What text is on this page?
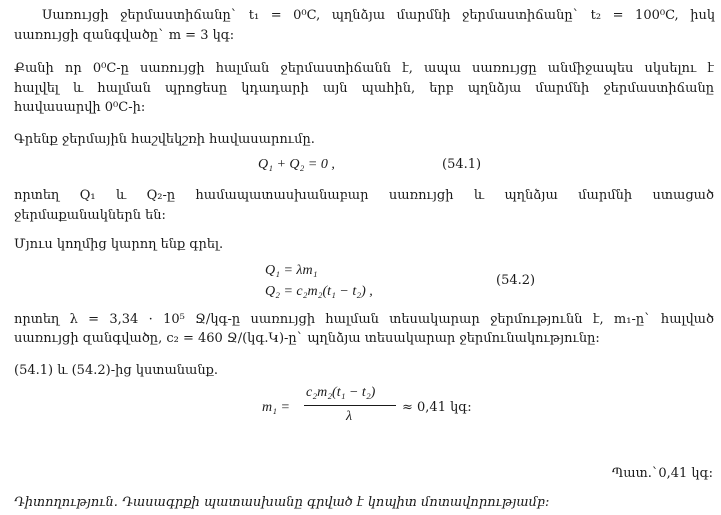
Սառույցի ջերմաստիճանը` t₁ = 0⁰C, պղնձյա մարմնի ջերմաստիճանը` t₂ = 100⁰C, իսկ
սառույցի զանգվածը` m = 3 կգ:
Քանի որ 0⁰C-ը սառույցի հալման ջերմաստիճանն է, ապա սառույցը անմիջապես սկսելու է
հալվել և հալման պրոցեսը կդադարի այն պահին, երբ պղնձյա մարմնի ջերմաստիճանը
հավասարվի 0⁰C-ի:
Գրենք ջերմային հաշվեկշռի հավասարումը.
Q₁ + Q₂ = 0 ,	(54.1)
որտեղ Q₁ և Q₂-ը համապատասխանաբար սառույցի և պղնձյա մարմնի ստացած
ջերմաքանակներն են:
Մյուս կողմից կարող ենք գրել.
Q₁ = λm₁
Q₂ = c₂m₂(t₁ − t₂) ,
(54.2)
որտեղ λ = 3,34 · 10⁵ Ջ/կգ-ը սառույցի հալման տեսակարար ջերմությունն է, m₁-ը` հալված
սառույցի զանգվածը, c₂ = 460 Ջ/(կգ.Կ)-ը` պղնձյա տեսակարար ջերմունակությունը:
(54.1) և (54.2)-ից կստանանք.
m₁ =
c₂m₂(t₁ − t₂)
λ
≈ 0,41 կգ:
Պատ.`0,41 կգ:
Դիտողություն. Դասագրքի պատասխանը գրված է կոպիտ մոտավորությամբ:
